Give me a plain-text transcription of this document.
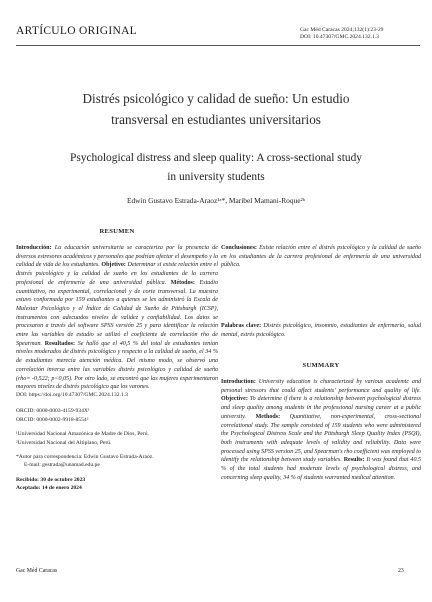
ARTÍCULO ORIGINAL	Gac Méd Caracas 2024;132(1):23-29
DOI: 10.47307/GMC.2024.132.1.3
Distrés psicológico y calidad de sueño: Un estudio
transversal en estudiantes universitarios
Psychological distress and sleep quality: A cross-sectional study
in university students
Edwin Gustavo Estrada-Araoz¹ᵃ*, Maribel Mamani-Roque²ᵇ
RESUMEN

Introducción: La educación universitaria se caracteriza por la presencia de diversos estresores académicos y personales que podrían afectar el desempeño y la calidad de vida de los estudiantes. Objetivo: Determinar si existe relación entre el distrés psicológico y la calidad de sueño en los estudiantes de la carrera profesional de enfermería de una universidad pública. Métodos: Estudio cuantitativo, no experimental, correlacional y de corte transversal. La muestra estuvo conformada por 159 estudiantes a quienes se les administró la Escala de Malestar Psicológico y el Índice de Calidad de Sueño de Pittsburgh (ICSP), instrumentos con adecuados niveles de validez y confiabilidad. Los datos se procesaron a través del software SPSS versión 25 y para identificar la relación entre las variables de estudio se utilizó el coeficiente de correlación rho de Spearman. Resultados: Se halló que el 40,5 % del total de estudiantes tenían niveles moderados de distrés psicológico y respecto a la calidad de sueño, el 34 % de estudiantes merecía atención médica. Del mismo modo, se observó una correlación inversa entre las variables distrés psicológico y calidad de sueño (rho= -0,522; p<0,05). Por otro lado, se encontró que las mujeres experimentaron mayores niveles de distrés psicológico que los varones.

DOI: https://doi.org/10.47307/GMC.2024.132.1.3
ORCID: 0000-0003-4159-934X¹
ORCID: 0000-0002-9918-8554²
¹Universidad Nacional Amazónica de Madre de Dios, Perú.
²Universidad Nacional del Altiplano, Perú.
*Autor para correspondencia: Edwin Gustavo Estrada-Araoz.
E-mail: gestrada@unamad.edu.pe
Recibido: 30 de octubre 2023
Aceptado: 14 de enero 2024

Conclusiones: Existe relación entre el distrés psicológico y la calidad de sueño en los estudiantes de la carrera profesional de enfermería de una universidad pública.

Palabras clave: Distrés psicológico, insomnio, estudiantes de enfermería, salud mental, estrés psicológico.

SUMMARY

Introduction: University education is characterized by various academic and personal stressors that could affect students' performance and quality of life. Objective: To determine if there is a relationship between psychological distress and sleep quality among students in the professional nursing career at a public university. Methods: Quantitative, non-experimental, cross-sectional correlational study. The sample consisted of 159 students who were administered the Psychological Distress Scale and the Pittsburgh Sleep Quality Index (PSQI), both instruments with adequate levels of validity and reliability. Data were processed using SPSS version 25, and Spearman's rho coefficient was employed to identify the relationship between study variables. Results: It was found that 40.5 % of the total students had moderate levels of psychological distress, and concerning sleep quality, 34 % of students warranted medical attention.

Gac Méd Caracas	23
